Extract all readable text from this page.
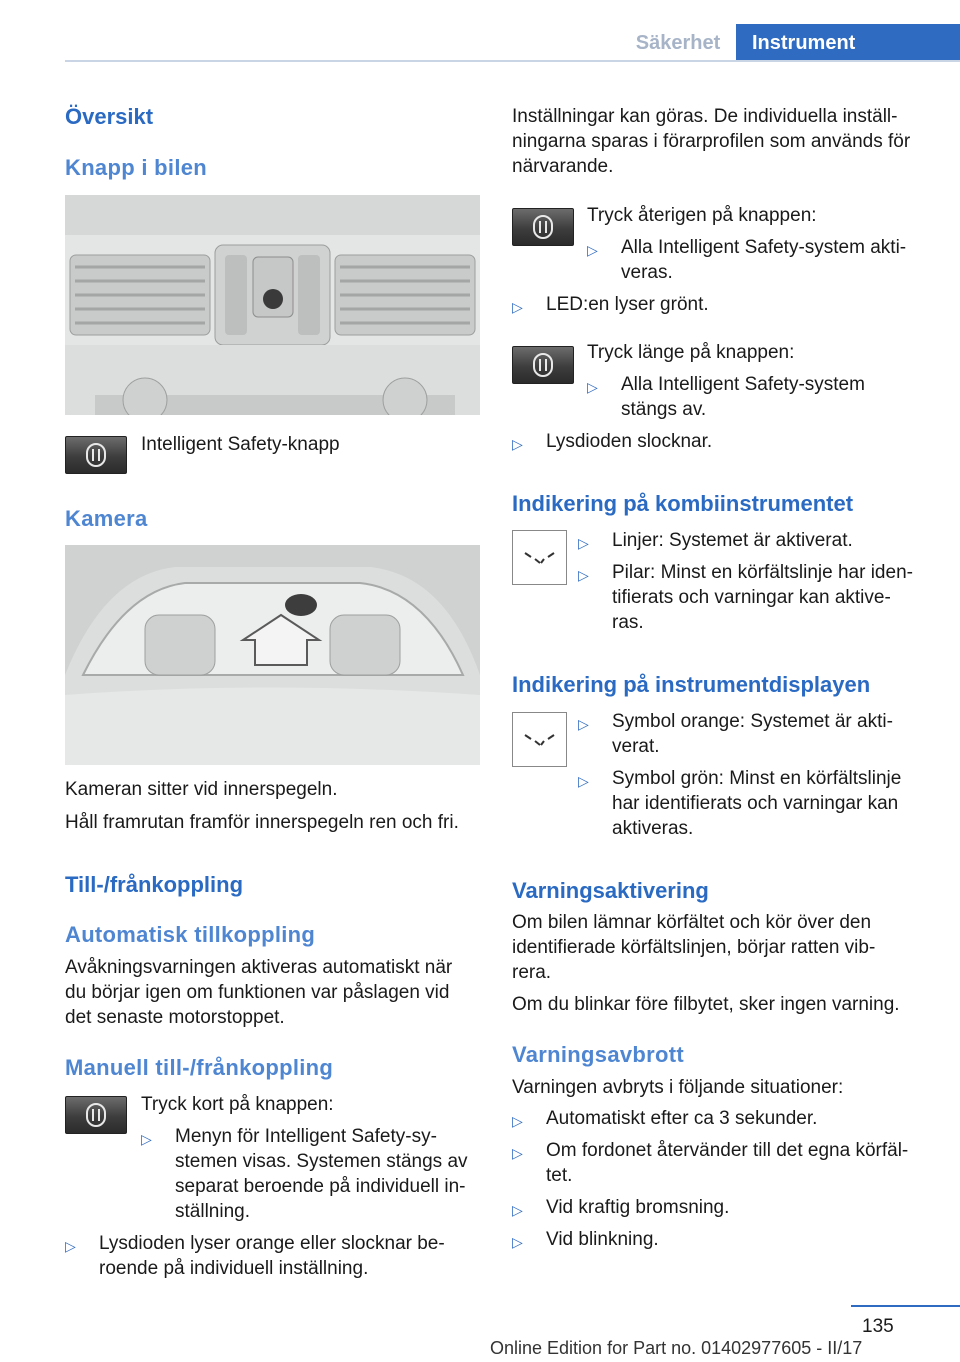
Säkerhet	Instrument
Översikt
Knapp i bilen
Intelligent Safety-knapp
Kamera
Kameran sitter vid innerspegeln.
Håll framrutan framför innerspegeln ren och fri.
Till-/frånkoppling
Automatisk tillkoppling
Avåkningsvarningen aktiveras automatiskt när
du börjar igen om funktionen var påslagen vid
det senaste motorstoppet.
Manuell till-/frånkoppling
Tryck kort på knappen:
▷ Menyn för Intelligent Safety-sy-
stemen visas. Systemen stängs av
separat beroende på individuell in-
ställning.
▷ Lysdioden lyser orange eller slocknar be-
roende på individuell inställning.
Inställningar kan göras. De individuella inställ-
ningarna sparas i förarprofilen som används för
närvarande.
Tryck återigen på knappen:
▷ Alla Intelligent Safety-system akti-
veras.
▷ LED:en lyser grönt.
Tryck länge på knappen:
▷ Alla Intelligent Safety-system
stängs av.
▷ Lysdioden slocknar.
Indikering på kombiinstrumentet
▷ Linjer: Systemet är aktiverat.
▷ Pilar: Minst en körfältslinje har iden-
tifierats och varningar kan aktive-
ras.
Indikering på instrumentdisplayen
▷ Symbol orange: Systemet är akti-
verat.
▷ Symbol grön: Minst en körfältslinje
har identifierats och varningar kan
aktiveras.
Varningsaktivering
Om bilen lämnar körfältet och kör över den
identifierade körfältslinjen, börjar ratten vib-
rera.
Om du blinkar före filbytet, sker ingen varning.
Varningsavbrott
Varningen avbryts i följande situationer:
▷ Automatiskt efter ca 3 sekunder.
▷ Om fordonet återvänder till det egna körfäl-
tet.
▷ Vid kraftig bromsning.
▷ Vid blinkning.
135
Online Edition for Part no. 01402977605 - II/17
